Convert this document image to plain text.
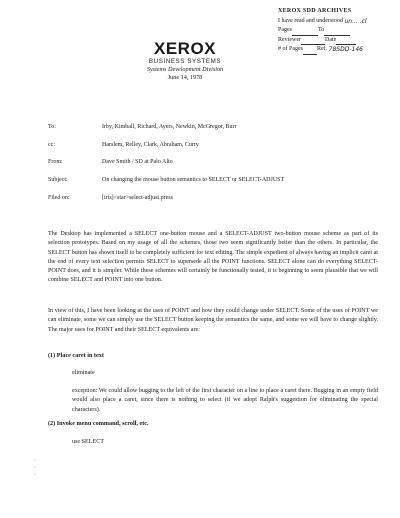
XEROX SDD ARCHIVES
I have read and understood
un... .cl
Pages	To
Reviewer	Date
# of Pages Ref.
78SDD-146
XEROX
BUSINESS SYSTEMS
Systems Development Division
June 14, 1978
To:	Irby, Kimball, Richard, Ayers, Newkin, McGregor, Burr
cc:	Harslem, Relley, Clark, Abraham, Curry
From:	Dave Smith / SD at Palo Alto
Subject:	On changing the mouse button semantics to SELECT or SELECT-ADJUST
Filed on:	[iris]<star>select-adjust.press
The Desktop has implemented a SELECT one-button mouse and a SELECT-ADJUST two-button mouse scheme as part of its selection prototypes. Based on my usage of all the schemes, those two seem significantly better than the others. In particular, the SELECT button has shown itself to be completely sufficient for text editing. The simple expedient of always having an implicit caret at the end of every text selection permits SELECT to supersede all the POINT functions. SELECT alone can do everything SELECT-POINT does, and it is simpler. While these schemes will certainly be functionally tested, it is beginning to seem plausible that we will combine SELECT and POINT into one button.
In view of this, I have been looking at the uses of POINT and how they could change under SELECT. Some of the uses of POINT we can eliminate, some we can simply use the SELECT button keeping the semantics the same, and some we will have to change slightly. The major uses for POINT and their SELECT equivalents are:
(1) Place caret in text
eliminate
exception: We could allow bugging to the left of the first character on a line to place a caret there. Bugging in an empty field would also place a caret, since there is nothing to select (if we adopt Ralph's suggestion for eliminating the special characters).
(2) Invoke menu command, scroll, etc.
use SELECT
·
·
·
